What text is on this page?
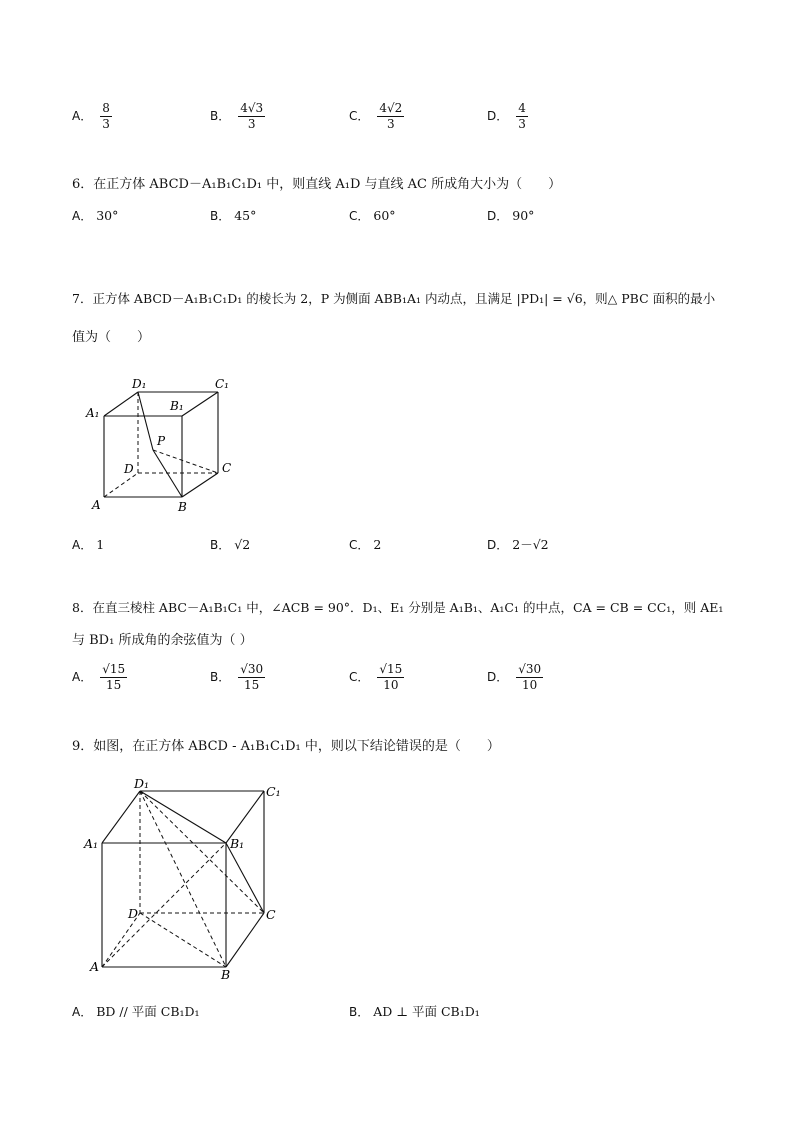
A． $\frac{8}{3}$	B． $\frac{4√3}{3}$	C． $\frac{4√2}{3}$	D． $\frac{4}{3}$
6．在正方体 ABCD－A₁B₁C₁D₁ 中，则直线 A₁D 与直线 AC 所成角大小为（　　）
A． 30°	B． 45°	C． 60°	D． 90°
7．正方体 ABCD－A₁B₁C₁D₁ 的棱长为 2，P 为侧面 ABB₁A₁ 内动点，且满足 |PD₁| = √6，则△ PBC 面积的最小
值为（　　）
D₁	C₁
A₁	B₁
P
D	C
A	B
A． 1	B． √2	C． 2	D． 2－√2
8．在直三棱柱 ABC－A₁B₁C₁ 中，∠ACB = 90°．D₁、E₁ 分别是 A₁B₁、A₁C₁ 的中点，CA = CB = CC₁，则 AE₁
与 BD₁ 所成角的余弦值为（ ）
A． $\frac{√15}{15}$	B． $\frac{√30}{15}$	C． $\frac{√15}{10}$	D． $\frac{√30}{10}$
9．如图，在正方体 ABCD - A₁B₁C₁D₁ 中，则以下结论错误的是（　　）
D₁
C₁
A₁	B₁
D	C
A
B
A． BD // 平面 CB₁D₁	B． AD ⊥ 平面 CB₁D₁
